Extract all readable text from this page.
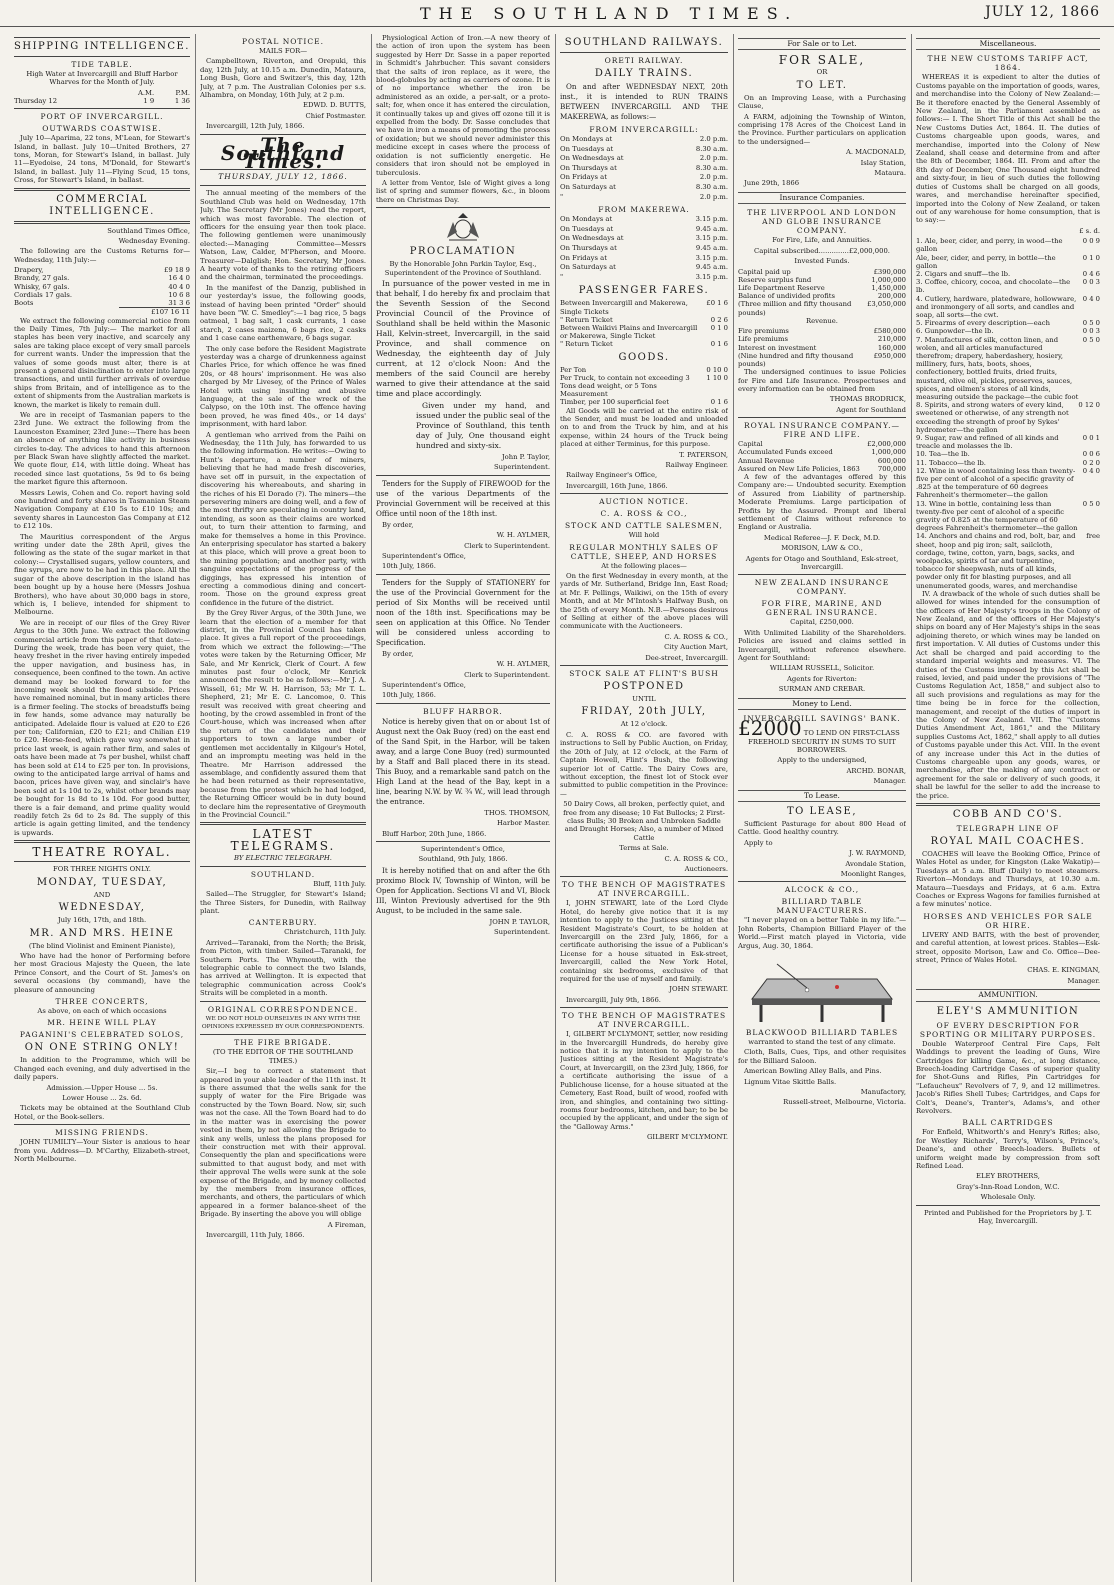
THE SOUTHLAND TIMES.	JULY 12, 1866
SHIPPING INTELLIGENCE.
TIDE TABLE.

High Water at Invercargill and Bluff Harbor Wharves for the Month of July.

	A.M.	P.M.
Thursday 12	1 9	1 36
PORT OF INVERCARGILL.
OUTWARDS COASTWISE.

July 10—Aparima, 22 tons, M'Lean, for Stewart's Island, in ballast. July 10—United Brothers, 27 tons, Moran, for Stewart's Island, in ballast. July 11—Eyedoise, 24 tons, M'Donald, for Stewart's Island, in ballast. July 11—Flying Scud, 15 tons, Cross, for Stewart's Island, in ballast.

COMMERCIAL INTELLIGENCE.

Southland Times Office,

Wednesday Evening.

The following are the Customs Returns for—Wednesday, 11th July:—

Drapery,	£9 18 9
Brandy, 27 gals.	16 4 0
Whisky, 67 gals.	40 4 0
Cordials 17 gals.	10 6 8
Boots	31 3 6
	£107 16 11

We extract the following commercial notice from the Daily Times, 7th July:— The market for all staples has been very inactive, and scarcely any sales are taking place except of very small parcels for current wants. Under the impression that the values of some goods must alter, there is at present a general disinclination to enter into large transactions, and until further arrivals of overdue ships from Britain, and of intelligence as to the extent of shipments from the Australian markets is known, the market is likely to remain dull.

We are in receipt of Tasmanian papers to the 23rd June. We extract the following from the Launceston Examiner, 23rd June:—There has been an absence of anything like activity in business circles to-day. The advices to hand this afternoon per Black Swan have slightly affected the market. We quote flour, £14, with little doing. Wheat has receded since last quotations, 5s 9d to 6s being the market figure this afternoon.

Messrs Lewis, Cohen and Co. report having sold one hundred and forty shares in Tasmanian Steam Navigation Company at £10 5s to £10 10s; and seventy shares in Launceston Gas Company at £12 to £12 10s.

The Mauritius correspondent of the Argus writing under date the 28th April, gives the following as the state of the sugar market in that colony:— Crystallised sugars, yellow counters, and fine syrups, are now to be had in this place. All the sugar of the above description in the island has been bought up by a house here (Messrs Joshua Brothers), who have about 30,000 bags in store, which is, I believe, intended for shipment to Melbourne.

We are in receipt of our files of the Grey River Argus to the 30th June. We extract the following commercial article from this paper of that date:— During the week, trade has been very quiet, the heavy freshet in the river having entirely impeded the upper navigation, and business has, in consequence, been confined to the town. An active demand may be looked forward to for the incoming week should the flood subside. Prices have remained nominal, but in many articles there is a firmer feeling. The stocks of breadstuffs being in few hands, some advance may naturally be anticipated. Adelaide flour is valued at £20 to £26 per ton; Californian, £20 to £21; and Chilian £19 to £20. Horse-feed, which gave way somewhat in price last week, is again rather firm, and sales of oats have been made at 7s per bushel, whilst chaff has been sold at £14 to £25 per ton. In provisions, owing to the anticipated large arrival of hams and bacon, prices have given way, and sinclair's have been sold at 1s 10d to 2s, whilst other brands may be bought for 1s 8d to 1s 10d. For good butter, there is a fair demand, and prime quality would readily fetch 2s 6d to 2s 8d. The supply of this article is again getting limited, and the tendency is upwards.

THEATRE ROYAL.

FOR THREE NIGHTS ONLY.

MONDAY, TUESDAY,

AND

WEDNESDAY,

July 16th, 17th, and 18th.

MR. AND MRS. HEINE

(The blind Violinist and Eminent Pianiste),

Who have had the honor of Performing before her most Gracious Majesty the Queen, the late Prince Consort, and the Court of St. James's on several occasions (by command), have the pleasure of announcing

THREE CONCERTS,

As above, on each of which occasions

MR. HEINE WILL PLAY
PAGANINI'S CELEBRATED SOLOS,
ON ONE STRING ONLY!

In addition to the Programme, which will be Changed each evening, and duly advertised in the daily papers.

Admission.—Upper House ... 5s.

Lower House ... 2s. 6d.

Tickets may be obtained at the Southland Club Hotel, or the Book-sellers.

MISSING FRIENDS.

JOHN TUMILTY—Your Sister is anxious to hear from you. Address—D. M'Carthy, Elizabeth-street, North Melbourne.

POSTAL NOTICE.

MAILS FOR—

Campbelltown, Riverton, and Orepuki, this day, 12th July, at 10.15 a.m. Dunedin, Mataura, Long Bush, Gore and Switzer's, this day, 12th July, at 7 p.m. The Australian Colonies per s.s. Alhambra, on Monday, 16th July, at 2 p.m.

EDWD. D. BUTTS,

Chief Postmaster.

Invercargill, 12th July, 1866.

The Southland Times.
THURSDAY, JULY 12, 1866.

The annual meeting of the members of the Southland Club was held on Wednesday, 17th July. The Secretary (Mr Jones) read the report, which was most favorable. The election of officers for the ensuing year then took place. The following gentlemen were unanimously elected:—Managing Committee—Messrs Watson, Law, Calder, M'Pherson, and Moore. Treasurer—Dalglish; Hon. Secretary, Mr Jones. A hearty vote of thanks to the retiring officers and the chairman, terminated the proceedings.

In the manifest of the Danzig, published in our yesterday's issue, the following goods, instead of having been printed "Order" should have been "W. C. Smedley":—1 bag rice, 5 bags oatmeal, 1 bag salt, 1 cask currants, 1 case starch, 2 cases maizena, 6 bags rice, 2 casks and 1 case cane earthenware, 6 bags sugar.

The only case before the Resident Magistrate yesterday was a charge of drunkenness against Charles Price, for which offence he was fined 20s, or 48 hours' imprisonment. He was also charged by Mr Livesey, of the Prince of Wales Hotel with using insulting and abusive language, at the sale of the wreck of the Calypso, on the 10th inst. The offence having been proved, he was fined 40s., or 14 days' imprisonment, with hard labor.

A gentleman who arrived from the Paihi on Wednesday, the 11th July, has forwarded to us the following information. He writes:—Owing to Hunt's departure, a number of miners, believing that he had made fresh discoveries, have set off in pursuit, in the expectation of discovering his whereabouts, and sharing in the riches of his El Dorado (?). The miners—the persevering miners are doing well, and a few of the most thrifty are speculating in country land, intending, as soon as their claims are worked out, to turn their attention to farming, and make for themselves a home in this Province. An enterprising speculator has started a bakery at this place, which will prove a great boon to the mining population; and another party, with sanguine expectations of the progress of the diggings, has expressed his intention of erecting a commodious dining and concert-room. Those on the ground express great confidence in the future of the district.

By the Grey River Argus, of the 30th June, we learn that the election of a member for that district, in the Provincial Council has taken place. It gives a full report of the proceedings, from which we extract the following:—"The votes were taken by the Returning Officer, Mr Sale, and Mr Kenrick, Clerk of Court. A few minutes past four o'clock, Mr Kenrick announced the result to be as follows:—Mr J. A. Wissell, 61; Mr W. H. Harrison, 53; Mr T. L. Shepherd, 21; Mr E. C. Lancomoe, 0. This result was received with great cheering and hooting, by the crowd assembled in front of the Court-house, which was increased when after the return of the candidates and their supporters to town a large number of gentlemen met accidentally in Kilgour's Hotel, and an impromptu meeting was held in the Theatre. Mr Harrison addressed the assemblage, and confidently assured them that he had been returned as their representative, because from the protest which he had lodged, the Returning Officer would be in duty bound to declare him the representative of Greymouth in the Provincial Council."

LATEST TELEGRAMS.
BY ELECTRIC TELEGRAPH.
SOUTHLAND.

Bluff, 11th July.

Sailed—The Struggler, for Stewart's Island; the Three Sisters, for Dunedin, with Railway plant.

CANTERBURY.

Christchurch, 11th July.

Arrived—Taranaki, from the North; the Brisk, from Picton, with timber. Sailed—Taranaki, for Southern Ports. The Whymouth, with the telegraphic cable to connect the two Islands, has arrived at Wellington. It is expected that telegraphic communication across Cook's Straits will be completed in a month.

ORIGINAL CORRESPONDENCE.

WE DO NOT HOLD OURSELVES IN ANY WITH THE OPINIONS EXPRESSED BY OUR CORRESPONDENTS.

THE FIRE BRIGADE.

(TO THE EDITOR OF THE SOUTHLAND TIMES.)

Sir,—I beg to correct a statement that appeared in your able leader of the 11th inst. It is there assumed that the wells sank for the supply of water for the Fire Brigade was constructed by the Town Board. Now, sir, such was not the case. All the Town Board had to do in the matter was in exercising the power vested in them, by not allowing the Brigade to sink any wells, unless the plans proposed for their construction met with their approval. Consequently the plan and specifications were submitted to that august body, and met with their approval The wells were sunk at the sole expense of the Brigade, and by money collected by the members from insurance offices, merchants, and others, the particulars of which appeared in a former balance-sheet of the Brigade. By inserting the above you will oblige

A Fireman,

Invercargill, 11th July, 1866.

Physiological Action of Iron.—A new theory of the action of iron upon the system has been suggested by Herr Dr. Sasse in a paper reported in Schmidt's Jahrbucher. This savant considers that the salts of iron replace, as it were, the blood-globules by acting as carriers of ozone. It is of no importance whether the iron be administered as an oxide, a per-salt, or a proto-salt; for, when once it has entered the circulation, it continually takes up and gives off ozone till it is expelled from the body. Dr. Sasse concludes that we have in iron a means of promoting the process of oxidation; but we should never administer this medicine except in cases where the process of oxidation is not sufficiently energetic. He considers that iron should not be employed in tuberculosis.

A letter from Ventor, Isle of Wight gives a long list of spring and summer flowers, &c., in bloom there on Christmas Day.

PROCLAMATION

By the Honorable John Parkin Taylor, Esq., Superintendent of the Province of Southland.

In pursuance of the power vested in me in that behalf, I do hereby fix and proclaim that the Seventh Session of the Second Provincial Council of the Province of Southland shall be held within the Masonic Hall, Kelvin-street, Invercargill, in the said Province, and shall commence on Wednesday, the eighteenth day of July current, at 12 o'clock Noon: And the members of the said Council are hereby warned to give their attendance at the said time and place accordingly.

Given under my hand, and issued under the public seal of the Province of Southland, this tenth day of July, One thousand eight hundred and sixty-six.

John P. Taylor,

Superintendent.

Tenders for the Supply of FIREWOOD for the use of the various Departments of the Provincial Government will be received at this Office until noon of the 18th inst.

By order,

W. H. AYLMER,

Clerk to Superintendent.

Superintendent's Office,

10th July, 1866.

Tenders for the Supply of STATIONERY for the use of the Provincial Government for the period of Six Months will be received until noon of the 18th inst. Specifications may be seen on application at this Office. No Tender will be considered unless according to Specification.

By order,

W. H. AYLMER,

Clerk to Superintendent.

Superintendent's Office,

10th July, 1866.

BLUFF HARBOR.

Notice is hereby given that on or about 1st of August next the Oak Buoy (red) on the east end of the Sand Spit, in the Harbor, will be taken away, and a large Cone Buoy (red) surmounted by a Staff and Ball placed there in its stead. This Buoy, and a remarkable sand patch on the High Land at the head of the Bay, kept in a line, bearing N.W. by W. ¾ W., will lead through the entrance.

THOS. THOMSON,

Harbor Master.

Bluff Harbor, 20th June, 1866.

Superintendent's Office,

Southland, 9th July, 1866.

It is hereby notified that on and after the 6th proximo Block IV, Township of Winton, will be Open for Application. Sections VI and VI, Block III, Winton Previously advertised for the 9th August, to be included in the same sale.

JOHN P. TAYLOR,

Superintendent.

SOUTHLAND RAILWAYS.
ORETI RAILWAY.
DAILY TRAINS.

On and after WEDNESDAY NEXT, 20th inst., it is intended to RUN TRAINS BETWEEN INVERCARGILL AND THE MAKEREWA, as follows:—

FROM INVERCARGILL:
On Mondays at	2.0 p.m.
On Tuesdays at	8.30 a.m.
On Wednesdays at	2.0 p.m.
On Thursdays at	8.30 a.m.
On Fridays at	2.0 p.m.
On Saturdays at	8.30 a.m.
"	2.0 p.m.
FROM MAKEREWA.
On Mondays at	3.15 p.m.
On Tuesdays at	9.45 a.m.
On Wednesdays at	3.15 p.m.
On Thursdays at	9.45 a.m.
On Fridays at	3.15 p.m.
On Saturdays at	9.45 a.m.
"	3.15 p.m.
PASSENGER FARES.
Between Invercargill and Makerewa, Single Tickets	£0 1 6
" Return Ticket	0 2 6
Between Waikivi Plains and Invercargill or Makerewa, Single Ticket	0 1 0
" Return Ticket	0 1 6
GOODS.
Per Ton	0 10 0
Per Truck, to contain not exceeding 3 Tons dead weight, or 5 Tons Measurement	1 10 0
Timber, per 100 superficial feet	0 1 6

All Goods will be carried at the entire risk of the Sender, and must be loaded and unloaded on to and from the Truck by him, and at his expense, within 24 hours of the Truck being placed at either Terminus, for this purpose.

T. PATERSON,

Railway Engineer.

Railway Engineer's Office,

Invercargill, 16th June, 1866.

AUCTION NOTICE.
C. A. ROSS & CO.,
STOCK AND CATTLE SALESMEN,

Will hold

REGULAR MONTHLY SALES OF CATTLE, SHEEP, AND HORSES

At the following places—

On the first Wednesday in every month, at the yards of Mr. Sutherland, Bridge Inn, East Road; at Mr. F. Pellings, Waikiwi, on the 15th of every Month, and at Mr M'Intosh's Halfway Bush, on the 25th of every Month. N.B.—Persons desirous of Selling at either of the above places will communicate with the Auctioneers.

C. A. ROSS & CO.,

City Auction Mart,

Dee-street, Invercargill.

STOCK SALE AT FLINT'S BUSH
POSTPONED

UNTIL

FRIDAY, 20th JULY,

At 12 o'clock.

C. A. ROSS & CO. are favored with instructions to Sell by Public Auction, on Friday, the 20th of July, at 12 o'clock, at the Farm of Captain Howell, Flint's Bush, the following superior lot of Cattle. The Dairy Cows are, without exception, the finest lot of Stock ever submitted to public competition in the Province:—

50 Dairy Cows, all broken, perfectly quiet, and free from any disease; 10 Fat Bullocks; 2 First-class Bulls; 30 Broken and Unbroken Saddle and Draught Horses; Also, a number of Mixed Cattle

Terms at Sale.

C. A. ROSS & CO.,

Auctioneers.

TO THE BENCH OF MAGISTRATES AT INVERCARGILL.

I, JOHN STEWART, late of the Lord Clyde Hotel, do hereby give notice that it is my intention to apply to the Justices sitting at the Resident Magistrate's Court, to be holden at Invercargill on the 23rd July, 1866, for a certificate authorising the issue of a Publican's License for a house situated in Esk-street, Invercargill, called the New York Hotel, containing six bedrooms, exclusive of that required for the use of myself and family.

JOHN STEWART.

Invercargill, July 9th, 1866.

TO THE BENCH OF MAGISTRATES AT INVERCARGILL.

I, GILBERT M'CLYMONT, settler, now residing in the Invercargill Hundreds, do hereby give notice that it is my intention to apply to the Justices sitting at the Resident Magistrate's Court, at Invercargill, on the 23rd July, 1866, for a certificate authorising the issue of a Publichouse license, for a house situated at the Cemetery, East Road, built of wood, roofed with iron, and shingles, and containing two sitting-rooms four bedrooms, kitchen, and bar; to be be occupied by the applicant, and under the sign of the "Galloway Arms."

GILBERT M'CLYMONT.

For Sale or to Let.
FOR SALE,

OR

TO LET.

On an Improving Lease, with a Purchasing Clause,

A FARM, adjoining the Township of Winton, comprising 178 Acres of the Choicest Land in the Province. Further particulars on application to the undersigned—

A. MACDONALD,

Islay Station,

Mataura.

June 29th, 1866

Insurance Companies.
THE LIVERPOOL AND LONDON AND GLOBE INSURANCE COMPANY.

For Fire, Life, and Annuities.

Capital subscribed..............£2,000,000.

Invested Funds.

Capital paid up	£390,000
Reserve surplus fund	1,000,000
Life Department Reserve	1,450,000
Balance of undivided profits	200,000
(Three million and fifty thousand pounds)	£3,050,000

Revenue.

Fire premiums	£580,000
Life premiums	210,000
Interest on investment	160,000
(Nine hundred and fifty thousand pounds)	£950,000

The undersigned continues to issue Policies for Fire and Life Insurance. Prospectuses and every information can be obtained from

THOMAS BRODRICK,

Agent for Southland

ROYAL INSURANCE COMPANY.—FIRE AND LIFE.
Capital	£2,000,000
Accumulated Funds exceed	1,000,000
Annual Revenue	600,000
Assured on New Life Policies, 1863	700,000

A few of the advantages offered by this Company are:— Undoubted security. Exemption of Assured from Liability of partnership. Moderate Premiums. Large participation of Profits by the Assured. Prompt and liberal settlement of Claims without reference to England or Australia.

Medical Referee—J. F. Deck, M.D.

MORISON, LAW & CO.,

Agents for Otago and Southland, Esk-street, Invercargill.

NEW ZEALAND INSURANCE COMPANY.
FOR FIRE, MARINE, AND GENERAL INSURANCE.

Capital, £250,000.

With Unlimited Liability of the Shareholders. Policies are issued and claims settled in Invercargill, without reference elsewhere. Agent for Southland:

WILLIAM RUSSELL, Solicitor.

Agents for Riverton:

SURMAN AND CREBAR.

Money to Lend.
INVERCARGILL SAVINGS' BANK.
£2000 TO LEND ON FIRST-CLASS

FREEHOLD SECURITY IN SUMS TO SUIT BORROWERS.

Apply to the undersigned,

ARCHD. BONAR,

Manager.

To Lease.
TO LEASE,

Sufficient Pasturage for about 800 Head of Cattle. Good healthy country.

Apply to

J. W. RAYMOND,

Avondale Station,

Moonlight Ranges,

ALCOCK & CO.,
BILLIARD TABLE MANUFACTURERS.

"I never played on a better Table in my life."—John Roberts, Champion Billiard Player of the World.—First match played in Victoria, vide Argus, Aug. 30, 1864.

BLACKWOOD BILLIARD TABLES

warranted to stand the test of any climate.

Cloth, Balls, Cues, Tips, and other requisites for the Billiard Saloon.

American Bowling Alley Balls, and Pins.

Lignum Vitae Skittle Balls.

Manufactory,

Russell-street, Melbourne, Victoria.

Miscellaneous.
THE NEW CUSTOMS TARIFF ACT, 1864.

WHEREAS it is expedient to alter the duties of Customs payable on the importation of goods, wares, and merchandise into the Colony of New Zealand:— Be it therefore enacted by the General Assembly of New Zealand, in the Parliament assembled as follows:— I. The Short Title of this Act shall be the New Customs Duties Act, 1864. II. The duties of Customs chargeable upon goods, wares, and merchandise, imported into the Colony of New Zealand, shall cease and determine from and after the 8th of December, 1864. III. From and after the 8th day of December, One Thousand eight hundred and sixty-four, in lieu of such duties the following duties of Customs shall be charged on all goods, wares, and merchandise hereinafter specified, imported into the Colony of New Zealand, or taken out of any warehouse for home consumption, that is to say:—

£ s. d.

1. Ale, beer, cider, and perry, in wood—the gallon	0 0 9
Ale, beer, cider, and perry, in bottle—the gallon	0 1 0
2. Cigars and snuff—the lb.	0 4 6
3. Coffee, chicory, cocoa, and chocolate—the lb.	0 0 3
4. Cutlery, hardware, platedware, hollowware, and ironmongery of all sorts, and candles and soap, all sorts—the cwt.	0 4 0
5. Firearms of every description—each	0 5 0
6. Gunpowder—the lb.	0 0 3
7. Manufactures of silk, cotton linen, and wolen, and all articles manufactured therefrom; drapery, haberdashery, hosiery, millinery, furs, hats, boots, shoes, confectionery, bottled fruits, dried fruits, mustard, olive oil, pickles, preserves, sauces, spices, and oilmen's stores of all kinds, measuring outside the package—the cubic foot	0 5 0
8. Spirits, and strong waters of every kind, sweetened or otherwise, of any strength not exceeding the strength of proof by Sykes' hydrometer—the gallon	0 12 0
9. Sugar, raw and refined of all kinds and treacle and molasses the lb.	0 0 1
10. Tea—the lb.	0 0 6
11. Tobacco—the lb.	0 2 0
12. Wine in wood containing less than twenty-five per cent of alcohol of a specific gravity of .825 at the temperature of 60 degrees Fahrenheit's thermometer—the gallon	0 4 0
13. Wine in bottle, containing less than twenty-five per cent of alcohol of a specific gravity of 0.825 at the temperature of 60 degrees Fahrenheit's thermometer—the gallon	0 5 0
14. Anchors and chains and rod, bolt, bar, and sheet, hoop and pig iron; salt, sailcloth, cordage, twine, cotton, yarn, bags, sacks, and woolpacks, spirits of tar and turpentine, tobacco for sheepwash, nuts of all kinds, powder only fit for blasting purposes, and all unenumerated goods, wares, and merchandise	free

IV. A drawback of the whole of such duties shall be allowed for wines intended for the consumption of the officers of Her Majesty's troops in the Colony of New Zealand, and of the officers of Her Majesty's ships on board any of Her Majesty's ships in the seas adjoining thereto, or which wines may be landed on first importation. V. All duties of Customs under this Act shall be charged and paid according to the standard imperial weights and measures. VI. The duties of the Customs imposed by this Act shall be raised, levied, and paid under the provisions of "The Customs Regulation Act, 1858," and subject also to all such provisions and regulations as may for the time being be in force for the collection, management, and receipt of the duties of import in the Colony of New Zealand. VII. The "Customs Duties Amendment Act, 1861," and the Military supplies Customs Act, 1862," shall apply to all duties of Customs payable under this Act. VIII. In the event of any increase under this Act in the duties of Customs chargeable upon any goods, wares, or merchandise, after the making of any contract or agreement for the sale or delivery of such goods, it shall be lawful for the seller to add the increase to the price.

COBB AND CO'S.
TELEGRAPH LINE OF
ROYAL MAIL COACHES.

COACHES will leave the Booking Office, Prince of Wales Hotel as under, for Kingston (Lake Wakatip)—Tuesdays at 5 a.m. Bluff (Daily) to meet steamers. Riverton—Mondays and Thursdays, at 10.30 a.m. Mataura—Tuesdays and Fridays, at 6 a.m. Extra Coaches or Express Wagons for families furnished at a few minutes' notice.

HORSES AND VEHICLES FOR SALE OR HIRE.

LIVERY AND BAITS, with the best of provender, and careful attention, at lowest prices. Stables—Esk-street, opposite Morison, Law and Co. Office—Dee-street, Prince of Wales Hotel.

CHAS. E. KINGMAN,

Manager.

AMMUNITION.
ELEY'S AMMUNITION
OF EVERY DESCRIPTION FOR SPORTING OR MILITARY PURPOSES.

Double Waterproof Central Fire Caps, Felt Waddings to prevent the leading of Guns, Wire Cartridges for killing Game, &c., at long distance, Breech-loading Cartridge Cases of superior quality for Shot-Guns and Rifles, Pin Cartridges for "Lefaucheux" Revolvers of 7, 9, and 12 millimetres. Jacob's Rifles Shell Tubes; Cartridges, and Caps for Colt's, Deane's, Tranter's, Adams's, and other Revolvers.

BALL CARTRIDGES

For Enfield, Whitworth's and Henry's Rifles; also, for Westley Richards', Terry's, Wilson's, Prince's, Deane's, and other Breech-loaders. Bullets of uniform weight made by compression from soft Refined Lead.

ELEY BROTHERS,

Gray's-Inn-Road London, W.C.

Wholesale Only.

Printed and Published for the Proprietors by J. T. Hay, Invercargill.
